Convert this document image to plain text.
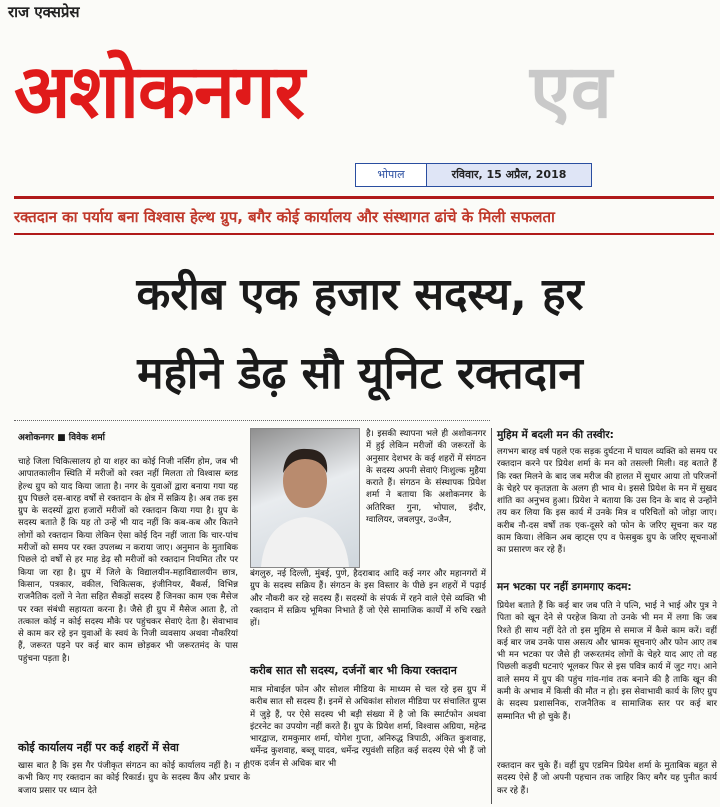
राज एक्सप्रेस
अशोकनगर	एव
भोपाल	रविवार, 15 अप्रैल, 2018
रक्तदान का पर्याय बना विश्वास हेल्थ ग्रुप, बगैर कोई कार्यालय और संस्थागत ढांचे के मिली सफलता
करीब एक हजार सदस्य, हर
महीने डेढ़ सौ यूनिट रक्तदान
अशोकनगर ■ विवेक शर्मा
चाहे जिला चिकित्सालय हो या शहर का कोई निजी नर्सिंग होम, जब भी आपातकालीन स्थिति में मरीजों को रक्त नहीं मिलता तो विश्वास ब्लड हेल्थ ग्रुप को याद किया जाता है। नगर के युवाओं द्वारा बनाया गया यह ग्रुप पिछले दस-बारह वर्षों से रक्तदान के क्षेत्र में सक्रिय है। अब तक इस ग्रुप के सदस्यों द्वारा हजारों मरीजों को रक्तदान किया गया है। ग्रुप के सदस्य बताते हैं कि यह तो उन्हें भी याद नहीं कि कब-कब और कितने लोगों को रक्तदान किया लेकिन ऐसा कोई दिन नहीं जाता कि चार-पांच मरीजों को समय पर रक्त उपलब्ध न कराया जाए। अनुमान के मुताबिक पिछले दो वर्षों से हर माह डेढ़ सौ मरीजों को रक्तदान नियमित तौर पर किया जा रहा है। ग्रुप में जिले के विद्यालयीन-महाविद्यालयीन छात्र, किसान, पत्रकार, वकील, चिकित्सक, इंजीनियर, बैंकर्स, विभिन्न राजनैतिक दलों ने नेता सहित सैकड़ों सदस्य हैं जिनका काम एक मैसेज पर रक्त संबंधी सहायता करना है। जैसे ही ग्रुप में मैसेज आता है, तो तत्काल कोई न कोई सदस्य मौके पर पहुंचकर सेवाएं देता है। सेवाभाव से काम कर रहे इन युवाओं के स्वयं के निजी व्यवसाय अथवा नौकरियां हैं, जरूरत पड़ने पर कई बार काम छोड़कर भी जरूरतमंद के पास पहुंचना पड़ता है।
है। इसकी स्थापना भले ही अशोकनगर में हुई लेकिन मरीजों की जरूरतों के अनुसार देशभर के कई शहरों में संगठन के सदस्य अपनी सेवाएं निःशुल्क मुहैया कराते हैं। संगठन के संस्थापक प्रियेश शर्मा ने बताया कि अशोकनगर के अतिरिक्त गुना, भोपाल, इंदौर, ग्वालियर, जबलपुर, उ०जैन,
बंगलुरु, नई दिल्ली, मुंबई, पुणे, हैदराबाद आदि कई नगर और महानगरों में ग्रुप के सदस्य सक्रिय हैं। संगठन के इस विस्तार के पीछे इन शहरों में पढ़ाई और नौकरी कर रहे सदस्य हैं। सदस्यों के संपर्क में रहने वाले ऐसे व्यक्ति भी रक्तदान में सक्रिय भूमिका निभाते हैं जो ऐसे सामाजिक कार्यों में रुचि रखते हों।
करीब सात सौ सदस्य, दर्जनों बार भी किया रक्तदान
मात्र मोबाईल फोन और सोशल मीडिया के माध्यम से चल रहे इस ग्रुप में करीब सात सौ सदस्य हैं। इनमें से अधिकांश सोशल मीडिया पर संचालित ग्रुप्स में जुड़े हैं, पर ऐसे सदस्य भी बड़ी संख्या में है जो कि स्मार्टफोन अथवा इंटरनेट का उपयोग नहीं करते हैं। ग्रुप के प्रियेश शर्मा, विश्वास अग्रिया, महेन्द्र भारद्वाज, रामकुमार शर्मा, योगेश गुप्ता, अनिरुद्ध त्रिपाठी, अंकित कुशवाह, धर्मेन्द्र कुशवाह, बब्लू यादव, धर्मेन्द्र रघुवंशी सहित कई सदस्य ऐसे भी हैं जो एक दर्जन से अधिक बार भी
कोई कार्यालय नहीं पर कई शहरों में सेवा
खास बात है कि इस गैर पंजीकृत संगठन का कोई कार्यालय नहीं है। न ही कभी किए गए रक्तदान का कोई रिकार्ड। ग्रुप के सदस्य कैंप और प्रचार के बजाय प्रसार पर ध्यान देते
मुहिम में बदली मन की तस्वीर:
लगभग बारह वर्ष पहले एक सड़क दुर्घटना में घायल व्यक्ति को समय पर रक्तदान करने पर प्रियेश शर्मा के मन को तसल्ली मिली। वह बताते हैं कि रक्त मिलने के बाद जब मरीज की हालत में सुधार आया तो परिजनों के चेहरे पर कृतज्ञता के अलग ही भाव थे। इससे प्रियेश के मन में सुखद शांति का अनुभव हुआ। प्रियेश ने बताया कि उस दिन के बाद से उन्होंने तय कर लिया कि इस कार्य में उनके मित्र व परिचितों को जोड़ा जाए। करीब नौ-दस वर्षों तक एक-दूसरे को फोन के जरिए सूचना कर यह काम किया। लेकिन अब व्हाट्स एप व फेसबुक ग्रुप के जरिए सूचनाओं का प्रसारण कर रहे हैं।
मन भटका पर नहीं डगमगाए कदम:
प्रियेश बताते हैं कि कई बार जब पति ने पत्नि, भाई ने भाई और पुत्र ने पिता को खून देने से परहेज किया तो उनके भी मन में लगा कि जब रिश्ते ही साथ नहीं देते तो इस मुहिम से समाज में कैसे काम करें। वहीं कई बार जब उनके पास असत्य और भ्रामक सूचनाएं और फोन आए तब भी मन भटका पर जैसे ही जरूरतमंद लोगों के चेहरे याद आए तो वह पिछली कड़वी घटनाएं भूलकर फिर से इस पवित्र कार्य में जुट गए। आने वाले समय में ग्रुप की पहुंच गांव-गांव तक बनाने की है ताकि खून की कमी के अभाव में किसी की मौत न हो। इस सेवाभावी कार्य के लिए ग्रुप के सदस्य प्रशासनिक, राजनैतिक व सामाजिक स्तर पर कई बार सम्मानित भी हो चुके हैं।
रक्तदान कर चुके हैं। वहीं ग्रुप एडमिन प्रियेश शर्मा के मुताबिक बहुत से सदस्य ऐसे हैं जो अपनी पहचान तक जाहिर किए बगैर यह पुनीत कार्य कर रहे हैं।
